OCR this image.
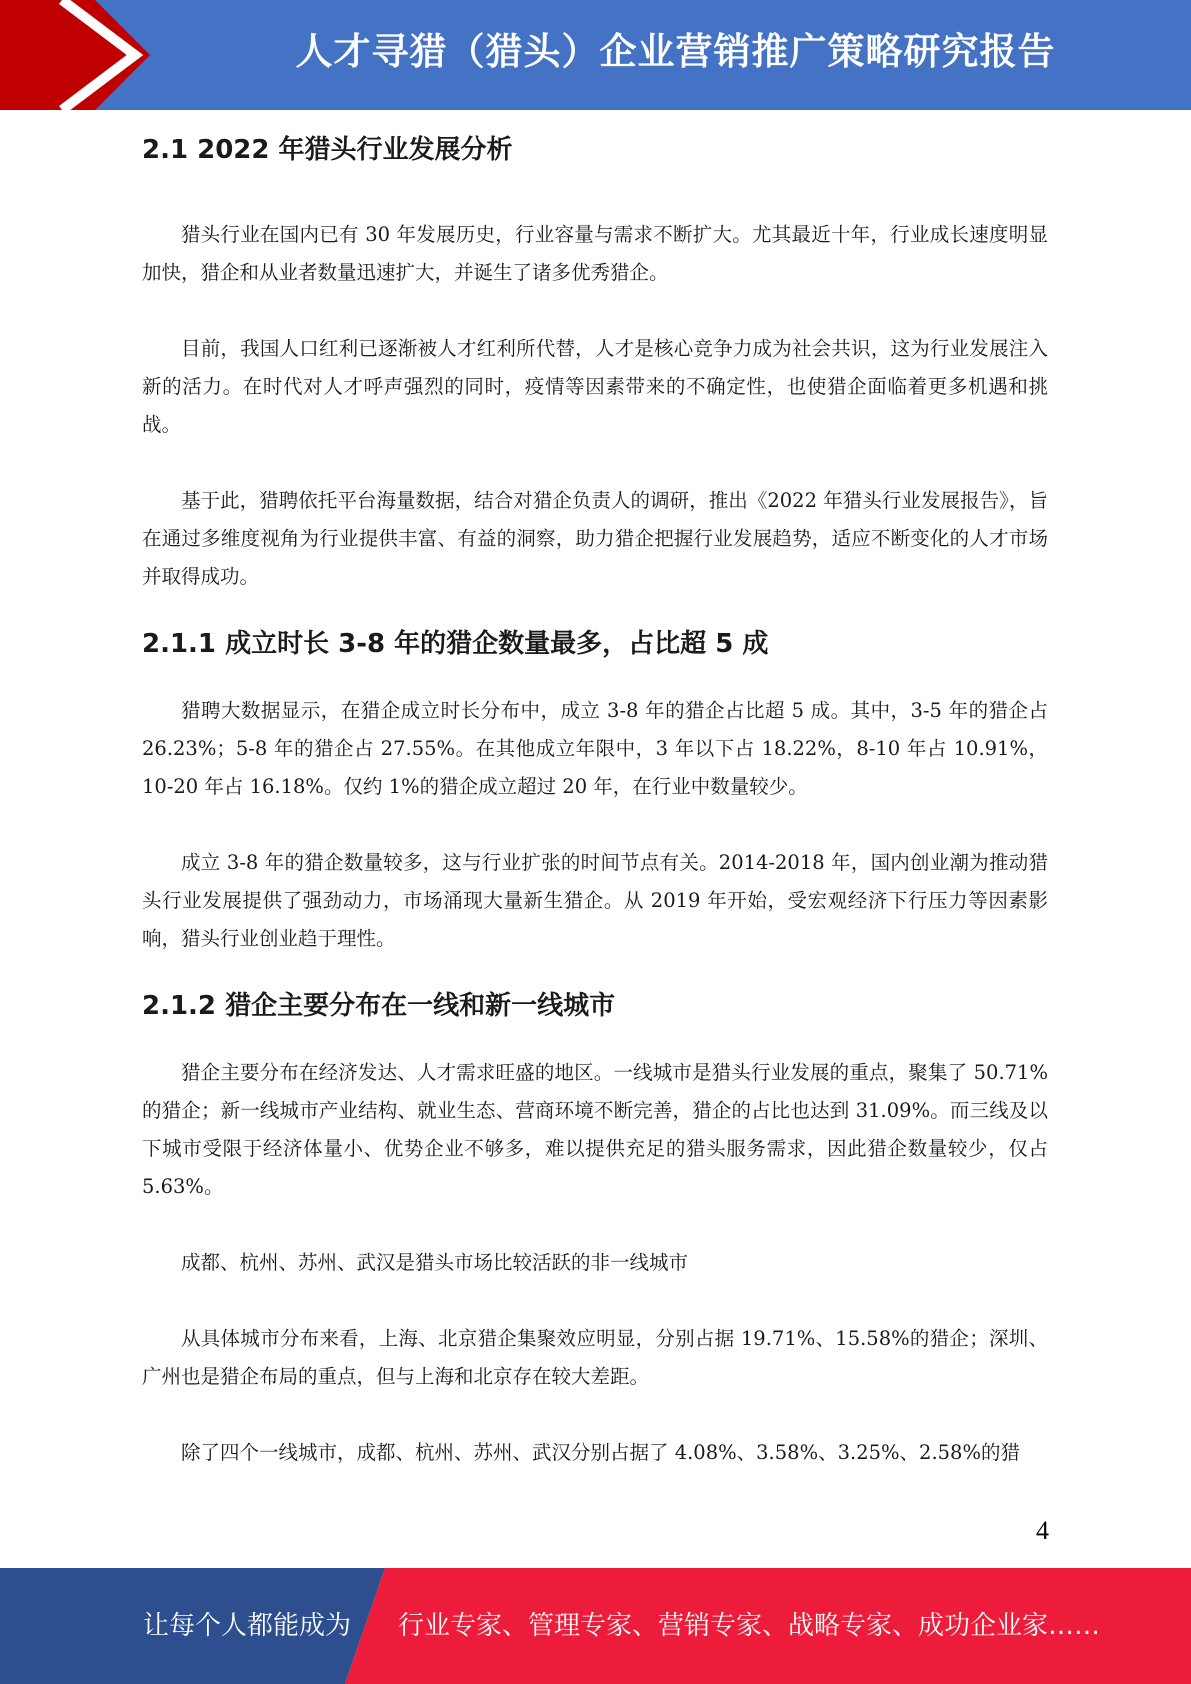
人才寻猎（猎头）企业营销推广策略研究报告
2.1 2022 年猎头行业发展分析

猎头行业在国内已有 30 年发展历史，行业容量与需求不断扩大。尤其最近十年，行业成长速度明显加快，猎企和从业者数量迅速扩大，并诞生了诸多优秀猎企。

目前，我国人口红利已逐渐被人才红利所代替，人才是核心竞争力成为社会共识，这为行业发展注入新的活力。在时代对人才呼声强烈的同时，疫情等因素带来的不确定性，也使猎企面临着更多机遇和挑战。

基于此，猎聘依托平台海量数据，结合对猎企负责人的调研，推出《2022 年猎头行业发展报告》，旨在通过多维度视角为行业提供丰富、有益的洞察，助力猎企把握行业发展趋势，适应不断变化的人才市场并取得成功。

2.1.1 成立时长 3-8 年的猎企数量最多，占比超 5 成

猎聘大数据显示，在猎企成立时长分布中，成立 3-8 年的猎企占比超 5 成。其中，3-5 年的猎企占 26.23%；5-8 年的猎企占 27.55%。在其他成立年限中，3 年以下占 18.22%，8-10 年占 10.91%，10-20 年占 16.18%。仅约 1%的猎企成立超过 20 年，在行业中数量较少。

成立 3-8 年的猎企数量较多，这与行业扩张的时间节点有关。2014-2018 年，国内创业潮为推动猎头行业发展提供了强劲动力，市场涌现大量新生猎企。从 2019 年开始，受宏观经济下行压力等因素影响，猎头行业创业趋于理性。

2.1.2 猎企主要分布在一线和新一线城市

猎企主要分布在经济发达、人才需求旺盛的地区。一线城市是猎头行业发展的重点，聚集了 50.71%的猎企；新一线城市产业结构、就业生态、营商环境不断完善，猎企的占比也达到 31.09%。而三线及以下城市受限于经济体量小、优势企业不够多，难以提供充足的猎头服务需求，因此猎企数量较少，仅占 5.63%。

成都、杭州、苏州、武汉是猎头市场比较活跃的非一线城市

从具体城市分布来看，上海、北京猎企集聚效应明显，分别占据 19.71%、15.58%的猎企；深圳、广州也是猎企布局的重点，但与上海和北京存在较大差距。

除了四个一线城市，成都、杭州、苏州、武汉分别占据了 4.08%、3.58%、3.25%、2.58%的猎

4
让每个人都能成为 行业专家、管理专家、营销专家、战略专家、成功企业家……
